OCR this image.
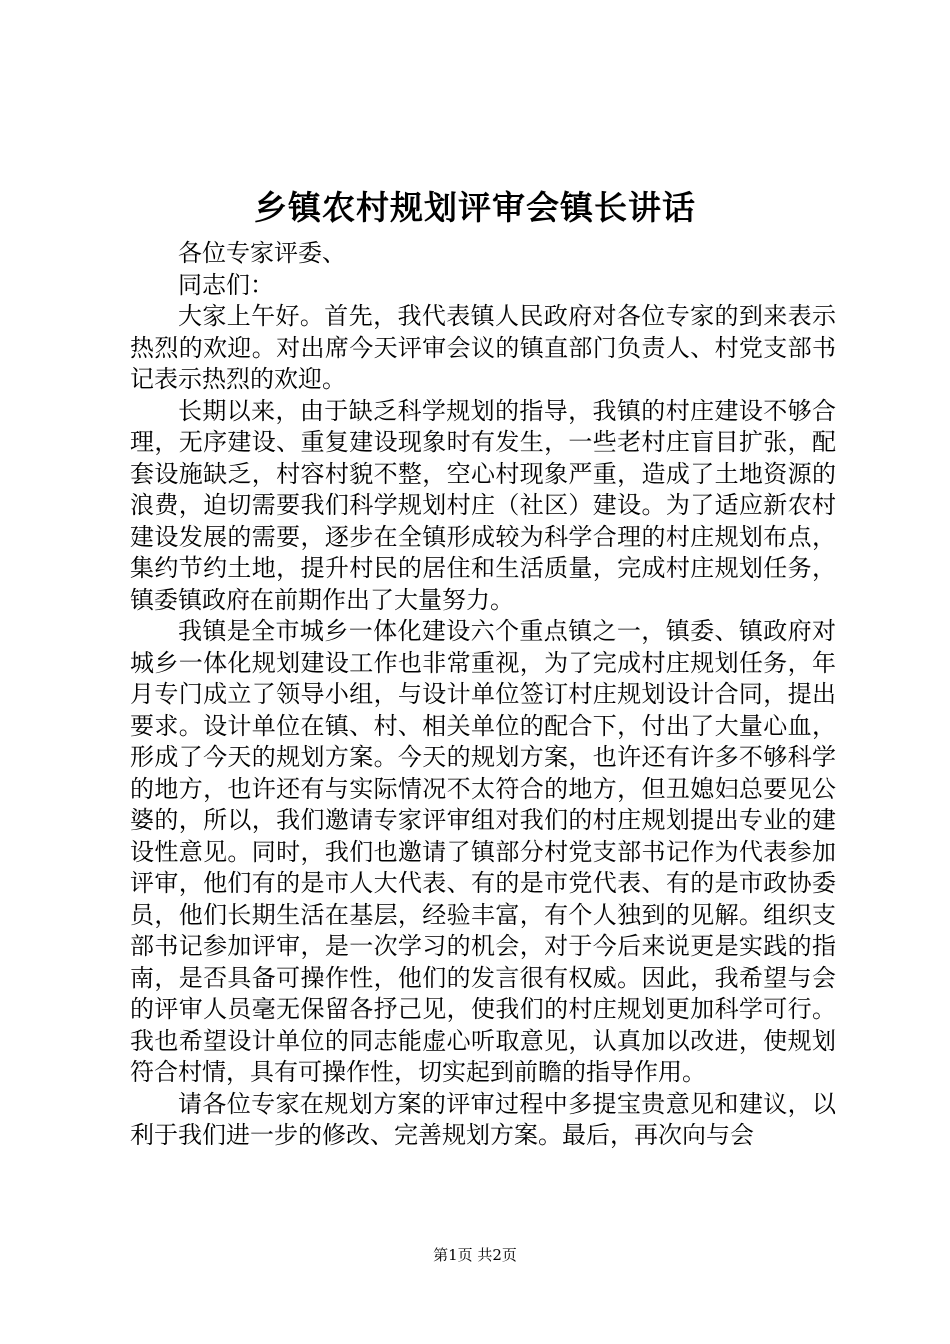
乡镇农村规划评审会镇长讲话

各位专家评委、

同志们：

大家上午好。首先，我代表镇人民政府对各位专家的到来表示热烈的欢迎。对出席今天评审会议的镇直部门负责人、村党支部书记表示热烈的欢迎。

长期以来，由于缺乏科学规划的指导，我镇的村庄建设不够合理，无序建设、重复建设现象时有发生，一些老村庄盲目扩张，配套设施缺乏，村容村貌不整，空心村现象严重，造成了土地资源的浪费，迫切需要我们科学规划村庄（社区）建设。为了适应新农村建设发展的需要，逐步在全镇形成较为科学合理的村庄规划布点，集约节约土地，提升村民的居住和生活质量，完成村庄规划任务，镇委镇政府在前期作出了大量努力。

我镇是全市城乡一体化建设六个重点镇之一，镇委、镇政府对城乡一体化规划建设工作也非常重视，为了完成村庄规划任务，年月专门成立了领导小组，与设计单位签订村庄规划设计合同，提出要求。设计单位在镇、村、相关单位的配合下，付出了大量心血，形成了今天的规划方案。今天的规划方案，也许还有许多不够科学的地方，也许还有与实际情况不太符合的地方，但丑媳妇总要见公婆的，所以，我们邀请专家评审组对我们的村庄规划提出专业的建设性意见。同时，我们也邀请了镇部分村党支部书记作为代表参加评审，他们有的是市人大代表、有的是市党代表、有的是市政协委员，他们长期生活在基层，经验丰富，有个人独到的见解。组织支部书记参加评审，是一次学习的机会，对于今后来说更是实践的指南，是否具备可操作性，他们的发言很有权威。因此，我希望与会的评审人员毫无保留各抒己见，使我们的村庄规划更加科学可行。我也希望设计单位的同志能虚心听取意见，认真加以改进，使规划符合村情，具有可操作性，切实起到前瞻的指导作用。

请各位专家在规划方案的评审过程中多提宝贵意见和建议，以利于我们进一步的修改、完善规划方案。最后，再次向与会

第1页 共2页
